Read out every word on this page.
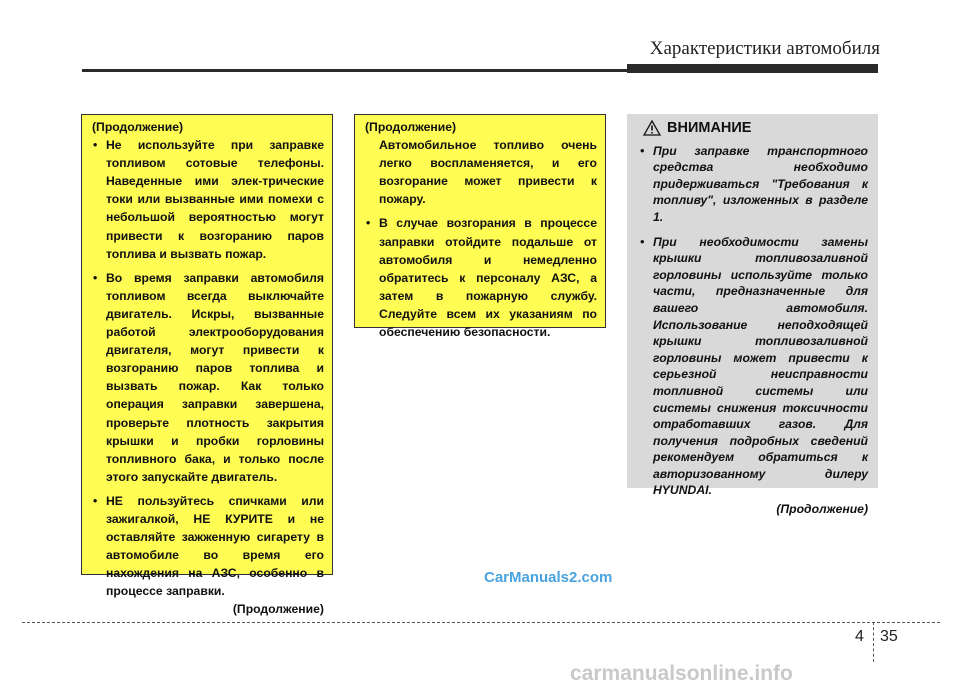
Характеристики автомобиля
(Продолжение)
• Не используйте при заправке топливом сотовые телефоны. Наведенные ими элек-трические токи или вызванные ими помехи с небольшой вероятностью могут привести к возгоранию паров топлива и вызвать пожар.
• Во время заправки автомобиля топливом всегда выключайте двигатель. Искры, вызванные работой электрооборудования двигателя, могут привести к возгоранию паров топлива и вызвать пожар. Как только операция заправки завершена, проверьте плотность закрытия крышки и пробки горловины топливного бака, и только после этого запускайте двигатель.
• НЕ пользуйтесь спичками или зажигалкой, НЕ КУРИТЕ и не оставляйте зажженную сигарету в автомобиле во время его нахождения на АЗС, особенно в процессе заправки.
(Продолжение)
(Продолжение)
Автомобильное топливо очень легко воспламеняется, и его возгорание может привести к пожару.
• В случае возгорания в процессе заправки отойдите подальше от автомобиля и немедленно обратитесь к персоналу АЗС, а затем в пожарную службу. Следуйте всем их указаниям по обеспечению безопасности.
ВНИМАНИЕ
• При заправке транспортного средства необходимо придерживаться "Требования к топливу", изложенных в разделе 1.
• При необходимости замены крышки топливозаливной горловины используйте только части, предназначенные для вашего автомобиля. Использование неподходящей крышки топливозаливной горловины может привести к серьезной неисправности топливной системы или системы снижения токсичности отработавших газов. Для получения подробных сведений рекомендуем обратиться к авторизованному дилеру HYUNDAI.
(Продолжение)
CarManuals2.com
4 35
carmanualsonline.info
